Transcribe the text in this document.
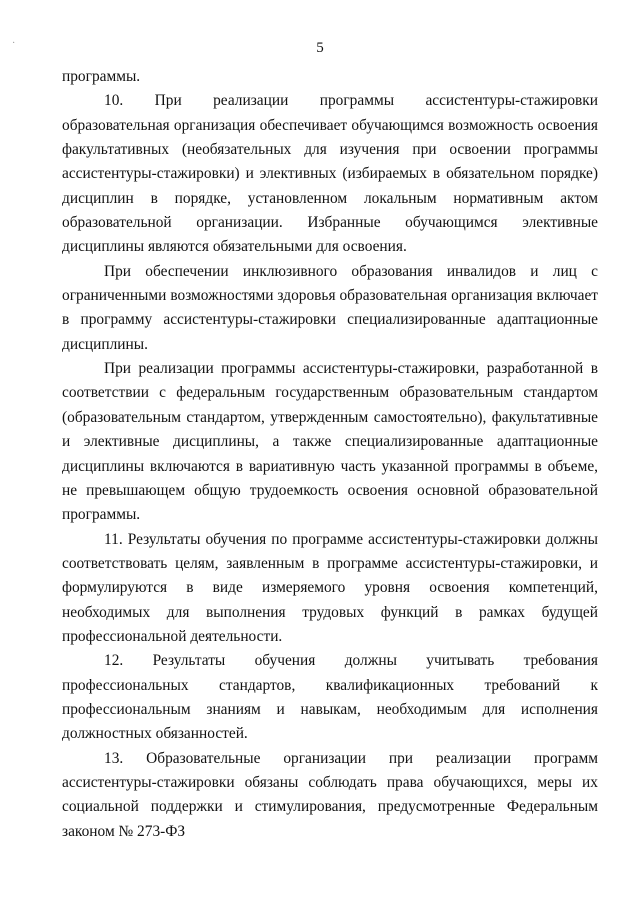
·	5

программы.

10. При реализации программы ассистентуры-стажировки образовательная организация обеспечивает обучающимся возможность освоения факультативных (необязательных для изучения при освоении программы ассистентуры-стажировки) и элективных (избираемых в обязательном порядке) дисциплин в порядке, установленном локальным нормативным актом образовательной организации. Избранные обучающимся элективные дисциплины являются обязательными для освоения.

При обеспечении инклюзивного образования инвалидов и лиц с ограниченными возможностями здоровья образовательная организация включает в программу ассистентуры-стажировки специализированные адаптационные дисциплины.

При реализации программы ассистентуры-стажировки, разработанной в соответствии с федеральным государственным образовательным стандартом (образовательным стандартом, утвержденным самостоятельно), факультативные и элективные дисциплины, а также специализированные адаптационные дисциплины включаются в вариативную часть указанной программы в объеме, не превышающем общую трудоемкость освоения основной образовательной программы.

11. Результаты обучения по программе ассистентуры-стажировки должны соответствовать целям, заявленным в программе ассистентуры-стажировки, и формулируются в виде измеряемого уровня освоения компетенций, необходимых для выполнения трудовых функций в рамках будущей профессиональной деятельности.

12. Результаты обучения должны учитывать требования профессиональных стандартов, квалификационных требований к профессиональным знаниям и навыкам, необходимым для исполнения должностных обязанностей.

13. Образовательные организации при реализации программ ассистентуры-стажировки обязаны соблюдать права обучающихся, меры их социальной поддержки и стимулирования, предусмотренные Федеральным законом № 273-ФЗ
